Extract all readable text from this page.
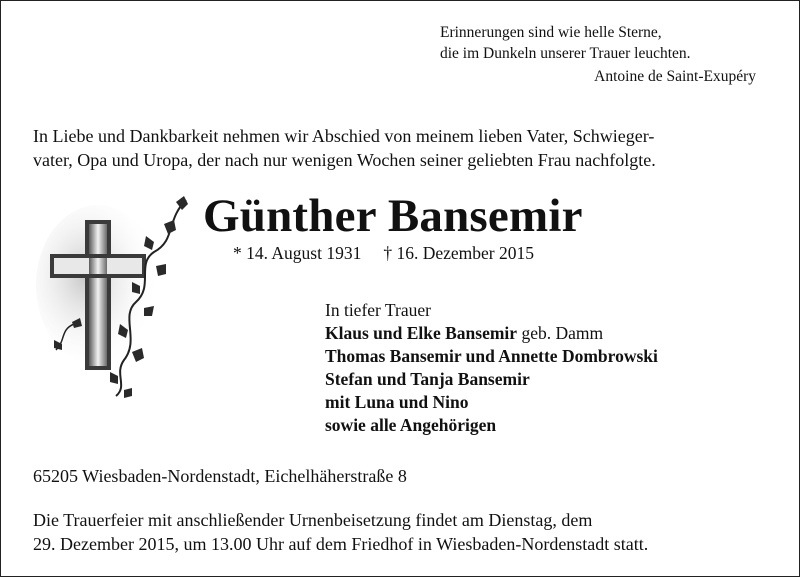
Erinnerungen sind wie helle Sterne,
die im Dunkeln unserer Trauer leuchten.
Antoine de Saint-Exupéry
In Liebe und Dankbarkeit nehmen wir Abschied von meinem lieben Vater, Schwieger-
vater, Opa und Uropa, der nach nur wenigen Wochen seiner geliebten Frau nachfolgte.
Günther Bansemir
* 14. August 1931 † 16. Dezember 2015
In tiefer Trauer
Klaus und Elke Bansemir geb. Damm
Thomas Bansemir und Annette Dombrowski
Stefan und Tanja Bansemir
mit Luna und Nino
sowie alle Angehörigen
65205 Wiesbaden-Nordenstadt, Eichelhäherstraße 8
Die Trauerfeier mit anschließender Urnenbeisetzung findet am Dienstag, dem
29. Dezember 2015, um 13.00 Uhr auf dem Friedhof in Wiesbaden-Nordenstadt statt.
